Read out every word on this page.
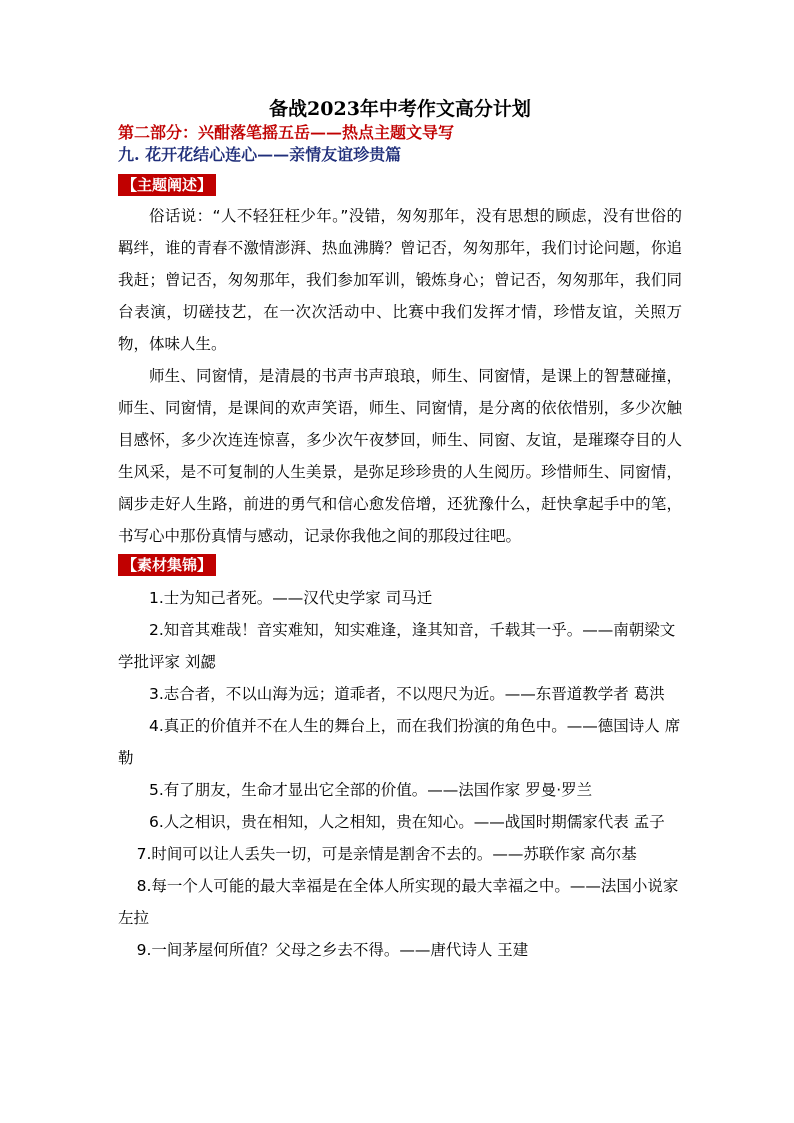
备战2023年中考作文高分计划
第二部分：兴酣落笔摇五岳——热点主题文导写
九. 花开花结心连心——亲情友谊珍贵篇
【主题阐述】

俗话说：“人不轻狂枉少年。”没错，匆匆那年，没有思想的顾虑，没有世俗的羁绊，谁的青春不激情澎湃、热血沸腾？曾记否，匆匆那年，我们讨论问题，你追我赶；曾记否，匆匆那年，我们参加军训，锻炼身心；曾记否，匆匆那年，我们同台表演，切磋技艺，在一次次活动中、比赛中我们发挥才情，珍惜友谊，关照万物，体味人生。

师生、同窗情，是清晨的书声书声琅琅，师生、同窗情，是课上的智慧碰撞，师生、同窗情，是课间的欢声笑语，师生、同窗情，是分离的依依惜别，多少次触目感怀，多少次连连惊喜，多少次午夜梦回，师生、同窗、友谊，是璀璨夺目的人生风采，是不可复制的人生美景，是弥足珍珍贵的人生阅历。珍惜师生、同窗情，阔步走好人生路，前进的勇气和信心愈发倍增，还犹豫什么，赶快拿起手中的笔，书写心中那份真情与感动，记录你我他之间的那段过往吧。

【素材集锦】
1.士为知己者死。——汉代史学家 司马迁
2.知音其难哉！音实难知，知实难逢，逢其知音，千载其一乎。——南朝梁文学批评家 刘勰
3.志合者，不以山海为远；道乖者，不以咫尺为近。——东晋道教学者 葛洪
4.真正的价值并不在人生的舞台上，而在我们扮演的角色中。——德国诗人 席勒
5.有了朋友，生命才显出它全部的价值。——法国作家 罗曼·罗兰
6.人之相识，贵在相知，人之相知，贵在知心。——战国时期儒家代表 孟子
7.时间可以让人丢失一切，可是亲情是割舍不去的。——苏联作家 高尔基
8.每一个人可能的最大幸福是在全体人所实现的最大幸福之中。——法国小说家 左拉
9.一间茅屋何所值？父母之乡去不得。——唐代诗人 王建
